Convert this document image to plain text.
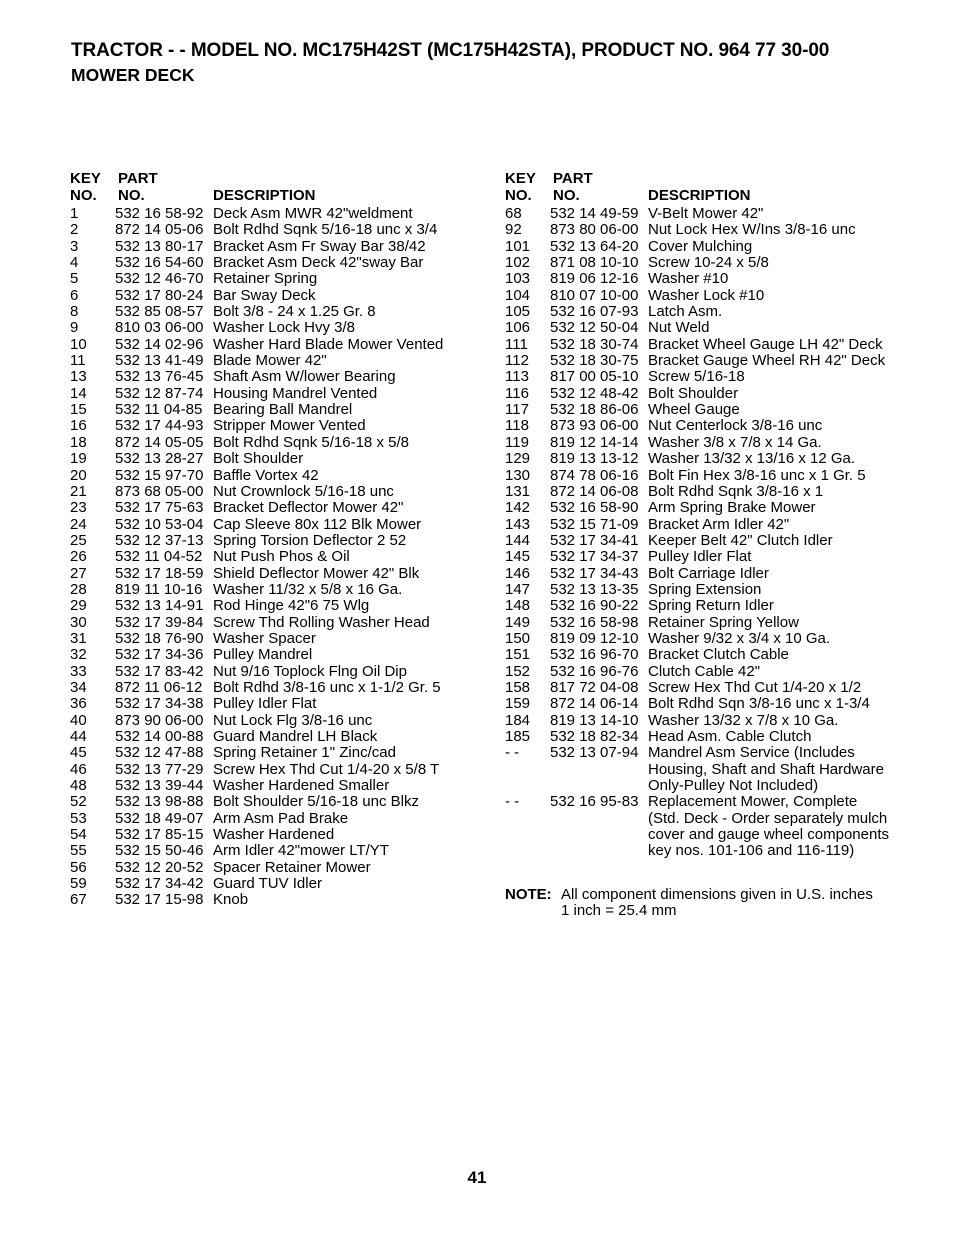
TRACTOR - - MODEL NO. MC175H42ST (MC175H42STA), PRODUCT NO. 964 77 30-00
MOWER DECK
KEY
NO.
PART
NO.	DESCRIPTION
1 532 16 58-92 Deck Asm MWR 42"weldment
2 872 14 05-06 Bolt Rdhd Sqnk 5/16-18 unc x 3/4
3 532 13 80-17 Bracket Asm Fr Sway Bar 38/42
4 532 16 54-60 Bracket Asm Deck 42"sway Bar
5 532 12 46-70 Retainer Spring
6 532 17 80-24 Bar Sway Deck
8 532 85 08-57 Bolt 3/8 - 24 x 1.25 Gr. 8
9 810 03 06-00 Washer Lock Hvy 3/8
10 532 14 02-96 Washer Hard Blade Mower Vented
11 532 13 41-49 Blade Mower 42"
13 532 13 76-45 Shaft Asm W/lower Bearing
14 532 12 87-74 Housing Mandrel Vented
15 532 11 04-85 Bearing Ball Mandrel
16 532 17 44-93 Stripper Mower Vented
18 872 14 05-05 Bolt Rdhd Sqnk 5/16-18 x 5/8
19 532 13 28-27 Bolt Shoulder
20 532 15 97-70 Baffle Vortex 42
21 873 68 05-00 Nut Crownlock 5/16-18 unc
23 532 17 75-63 Bracket Deflector Mower 42"
24 532 10 53-04 Cap Sleeve 80x 112 Blk Mower
25 532 12 37-13 Spring Torsion Deflector 2 52
26 532 11 04-52 Nut Push Phos & Oil
27 532 17 18-59 Shield Deflector Mower 42" Blk
28 819 11 10-16 Washer 11/32 x 5/8 x 16 Ga.
29 532 13 14-91 Rod Hinge 42"6 75 Wlg
30 532 17 39-84 Screw Thd Rolling Washer Head
31 532 18 76-90 Washer Spacer
32 532 17 34-36 Pulley Mandrel
33 532 17 83-42 Nut 9/16 Toplock Flng Oil Dip
34 872 11 06-12 Bolt Rdhd 3/8-16 unc x 1-1/2 Gr. 5
36 532 17 34-38 Pulley Idler Flat
40 873 90 06-00 Nut Lock Flg 3/8-16 unc
44 532 14 00-88 Guard Mandrel LH Black
45 532 12 47-88 Spring Retainer 1" Zinc/cad
46 532 13 77-29 Screw Hex Thd Cut 1/4-20 x 5/8 T
48 532 13 39-44 Washer Hardened Smaller
52 532 13 98-88 Bolt Shoulder 5/16-18 unc Blkz
53 532 18 49-07 Arm Asm Pad Brake
54 532 17 85-15 Washer Hardened
55 532 15 50-46 Arm Idler 42"mower LT/YT
56 532 12 20-52 Spacer Retainer Mower
59 532 17 34-42 Guard TUV Idler
67 532 17 15-98 Knob
KEY
NO.
PART
NO.	DESCRIPTION
68 532 14 49-59 V-Belt Mower 42"
92 873 80 06-00 Nut Lock Hex W/Ins 3/8-16 unc
101 532 13 64-20 Cover Mulching
102 871 08 10-10 Screw 10-24 x 5/8
103 819 06 12-16 Washer #10
104 810 07 10-00 Washer Lock #10
105 532 16 07-93 Latch Asm.
106 532 12 50-04 Nut Weld
111 532 18 30-74 Bracket Wheel Gauge LH 42" Deck
112 532 18 30-75 Bracket Gauge Wheel RH 42" Deck
113 817 00 05-10 Screw 5/16-18
116 532 12 48-42 Bolt Shoulder
117 532 18 86-06 Wheel Gauge
118 873 93 06-00 Nut Centerlock 3/8-16 unc
119 819 12 14-14 Washer 3/8 x 7/8 x 14 Ga.
129 819 13 13-12 Washer 13/32 x 13/16 x 12 Ga.
130 874 78 06-16 Bolt Fin Hex 3/8-16 unc x 1 Gr. 5
131 872 14 06-08 Bolt Rdhd Sqnk 3/8-16 x 1
142 532 16 58-90 Arm Spring Brake Mower
143 532 15 71-09 Bracket Arm Idler 42"
144 532 17 34-41 Keeper Belt 42" Clutch Idler
145 532 17 34-37 Pulley Idler Flat
146 532 17 34-43 Bolt Carriage Idler
147 532 13 13-35 Spring Extension
148 532 16 90-22 Spring Return Idler
149 532 16 58-98 Retainer Spring Yellow
150 819 09 12-10 Washer 9/32 x 3/4 x 10 Ga.
151 532 16 96-70 Bracket Clutch Cable
152 532 16 96-76 Clutch Cable 42"
158 817 72 04-08 Screw Hex Thd Cut 1/4-20 x 1/2
159 872 14 06-14 Bolt Rdhd Sqn 3/8-16 unc x 1-3/4
184 819 13 14-10 Washer 13/32 x 7/8 x 10 Ga.
185 532 18 82-34 Head Asm. Cable Clutch
- - 532 13 07-94 Mandrel Asm Service (Includes
Housing, Shaft and Shaft Hardware
Only-Pulley Not Included)
- - 532 16 95-83 Replacement Mower, Complete
(Std. Deck - Order separately mulch
cover and gauge wheel components
key nos. 101-106 and 116-119)
NOTE: All component dimensions given in U.S. inches
1 inch = 25.4 mm
41
